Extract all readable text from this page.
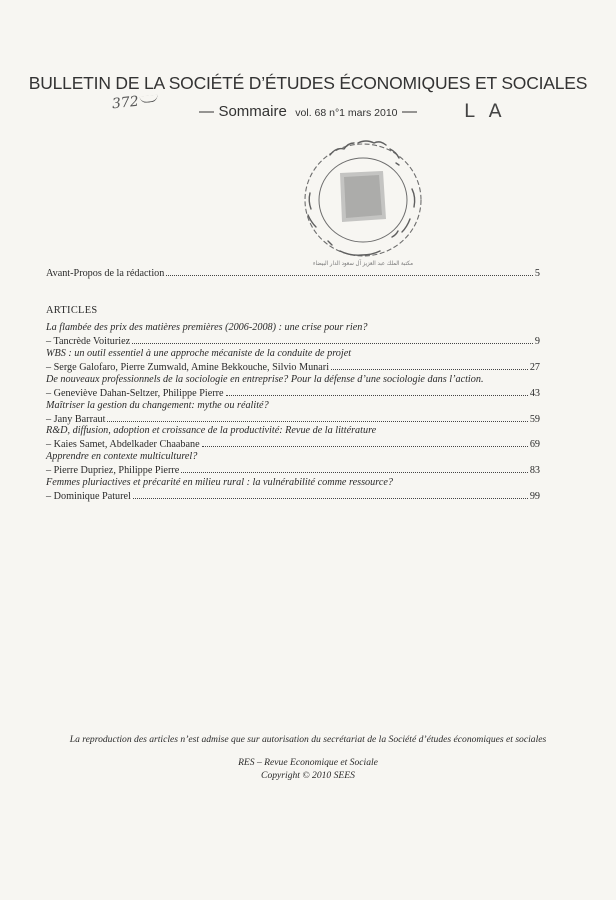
BULLETIN DE LA SOCIÉTÉ D’ÉTUDES ÉCONOMIQUES ET SOCIALES
— Sommaire vol. 68 n°1 mars 2010 —
372	L A
مكتبة الملك عبد العزيز آل سعود الدار البيضاء
Avant-Propos de la rédaction	5
ARTICLES
La flambée des prix des matières premières (2006-2008) : une crise pour rien?
– Tancrède Voituriez	9
WBS : un outil essentiel à une approche mécaniste de la conduite de projet
– Serge Galofaro, Pierre Zumwald, Amine Bekkouche, Silvio Munari	27
De nouveaux professionnels de la sociologie en entreprise? Pour la défense d’une sociologie dans l’action.
– Geneviève Dahan-Seltzer, Philippe Pierre	43
Maîtriser la gestion du changement: mythe ou réalité?
– Jany Barraut	59
R&D, diffusion, adoption et croissance de la productivité: Revue de la littérature
– Kaies Samet, Abdelkader Chaabane	69
Apprendre en contexte multiculturel?
– Pierre Dupriez, Philippe Pierre	83
Femmes pluriactives et précarité en milieu rural : la vulnérabilité comme ressource?
– Dominique Paturel	99
La reproduction des articles n’est admise que sur autorisation du secrétariat de la Société d’études économiques et sociales
RES – Revue Economique et Sociale
Copyright © 2010 SEES
